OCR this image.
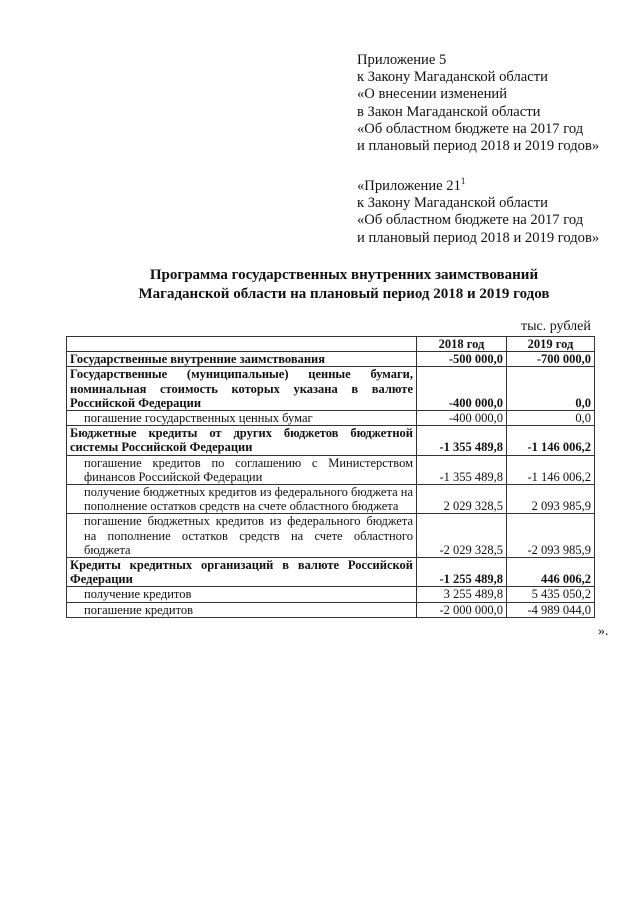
Приложение 5
к Закону Магаданской области
«О внесении изменений
в Закон Магаданской области
«Об областном бюджете на 2017 год
и плановый период 2018 и 2019 годов»
«Приложение $21^1$
к Закону Магаданской области
«Об областном бюджете на 2017 год
и плановый период 2018 и 2019 годов»
Программа государственных внутренних заимствований
Магаданской области на плановый период 2018 и 2019 годов
тыс. рублей
	2018 год	2019 год
Государственные внутренние заимствования	-500 000,0	-700 000,0
Государственные (муниципальные) ценные бумаги, номинальная стоимость которых указана в валюте Российской Федерации	-400 000,0	0,0
погашение государственных ценных бумаг	-400 000,0	0,0
Бюджетные кредиты от других бюджетов бюджетной системы Российской Федерации	-1 355 489,8	-1 146 006,2
погашение кредитов по соглашению с Министерством финансов Российской Федерации	-1 355 489,8	-1 146 006,2
получение бюджетных кредитов из федерального бюджета на пополнение остатков средств на счете областного бюджета	2 029 328,5	2 093 985,9
погашение бюджетных кредитов из федерального бюджета на пополнение остатков средств на счете областного бюджета	-2 029 328,5	-2 093 985,9
Кредиты кредитных организаций в валюте Российской Федерации	-1 255 489,8	446 006,2
получение кредитов	3 255 489,8	5 435 050,2
погашение кредитов	-2 000 000,0	-4 989 044,0
».
